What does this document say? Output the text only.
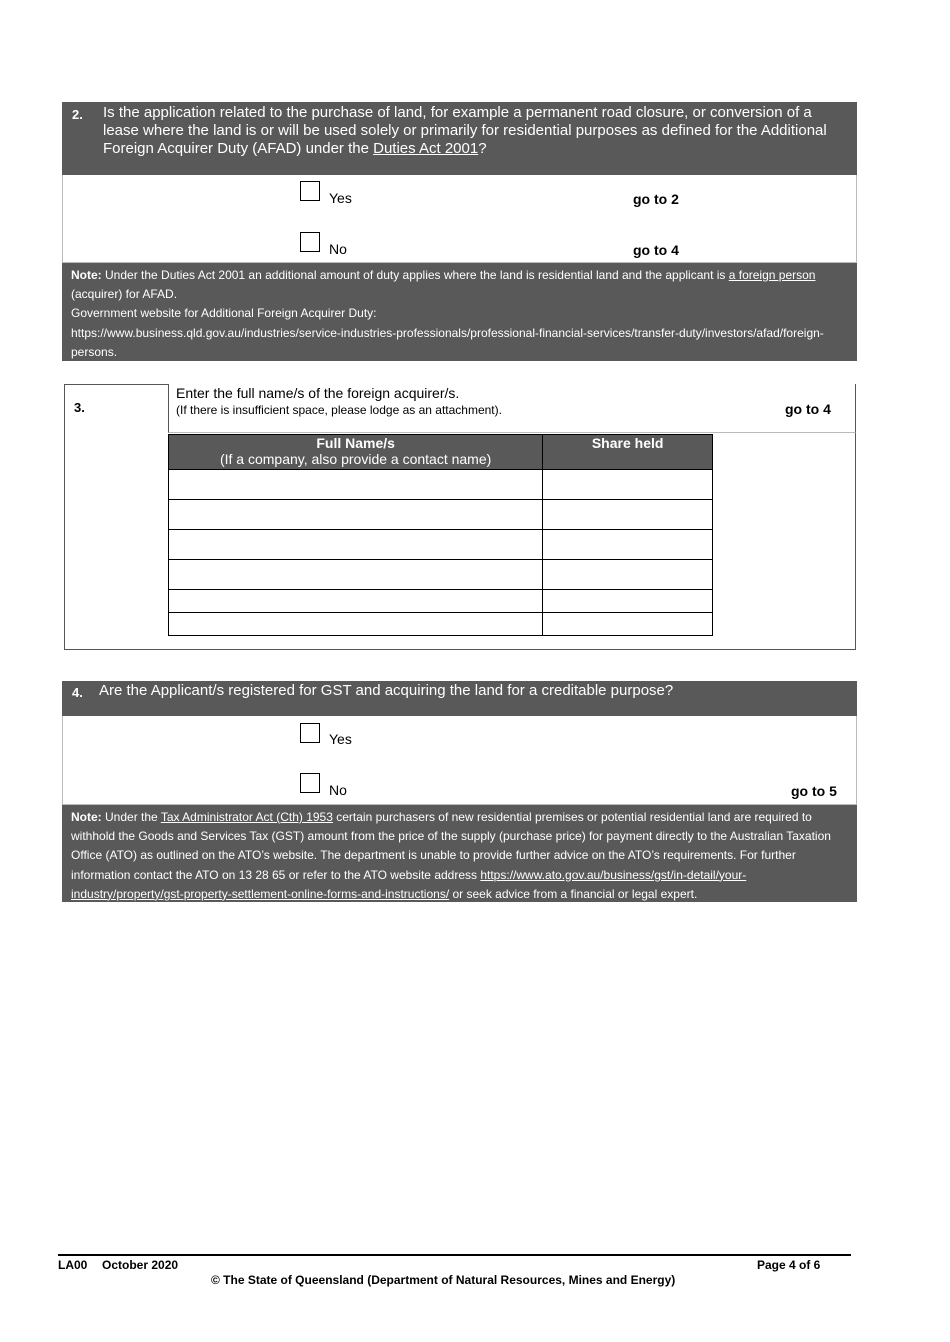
2. Is the application related to the purchase of land, for example a permanent road closure, or conversion of a lease where the land is or will be used solely or primarily for residential purposes as defined for the Additional Foreign Acquirer Duty (AFAD) under the Duties Act 2001?
Yes	go to 2
No	go to 4
Note: Under the Duties Act 2001 an additional amount of duty applies where the land is residential land and the applicant is a foreign person (acquirer) for AFAD.
Government website for Additional Foreign Acquirer Duty:
https://www.business.qld.gov.au/industries/service-industries-professionals/professional-financial-services/transfer-duty/investors/afad/foreign-persons.
3.
Enter the full name/s of the foreign acquirer/s.
(If there is insufficient space, please lodge as an attachment).	go to 4
Full Name/s
(If a company, also provide a contact name)	Share held

4. Are the Applicant/s registered for GST and acquiring the land for a creditable purpose?
Yes
No	go to 5
Note: Under the Tax Administrator Act (Cth) 1953 certain purchasers of new residential premises or potential residential land are required to withhold the Goods and Services Tax (GST) amount from the price of the supply (purchase price) for payment directly to the Australian Taxation Office (ATO) as outlined on the ATO’s website. The department is unable to provide further advice on the ATO’s requirements. For further information contact the ATO on 13 28 65 or refer to the ATO website address https://www.ato.gov.au/business/gst/in-detail/your-industry/property/gst-property-settlement-online-forms-and-instructions/ or seek advice from a financial or legal expert.
LA00 October 2020	Page 4 of 6
© The State of Queensland (Department of Natural Resources, Mines and Energy)
